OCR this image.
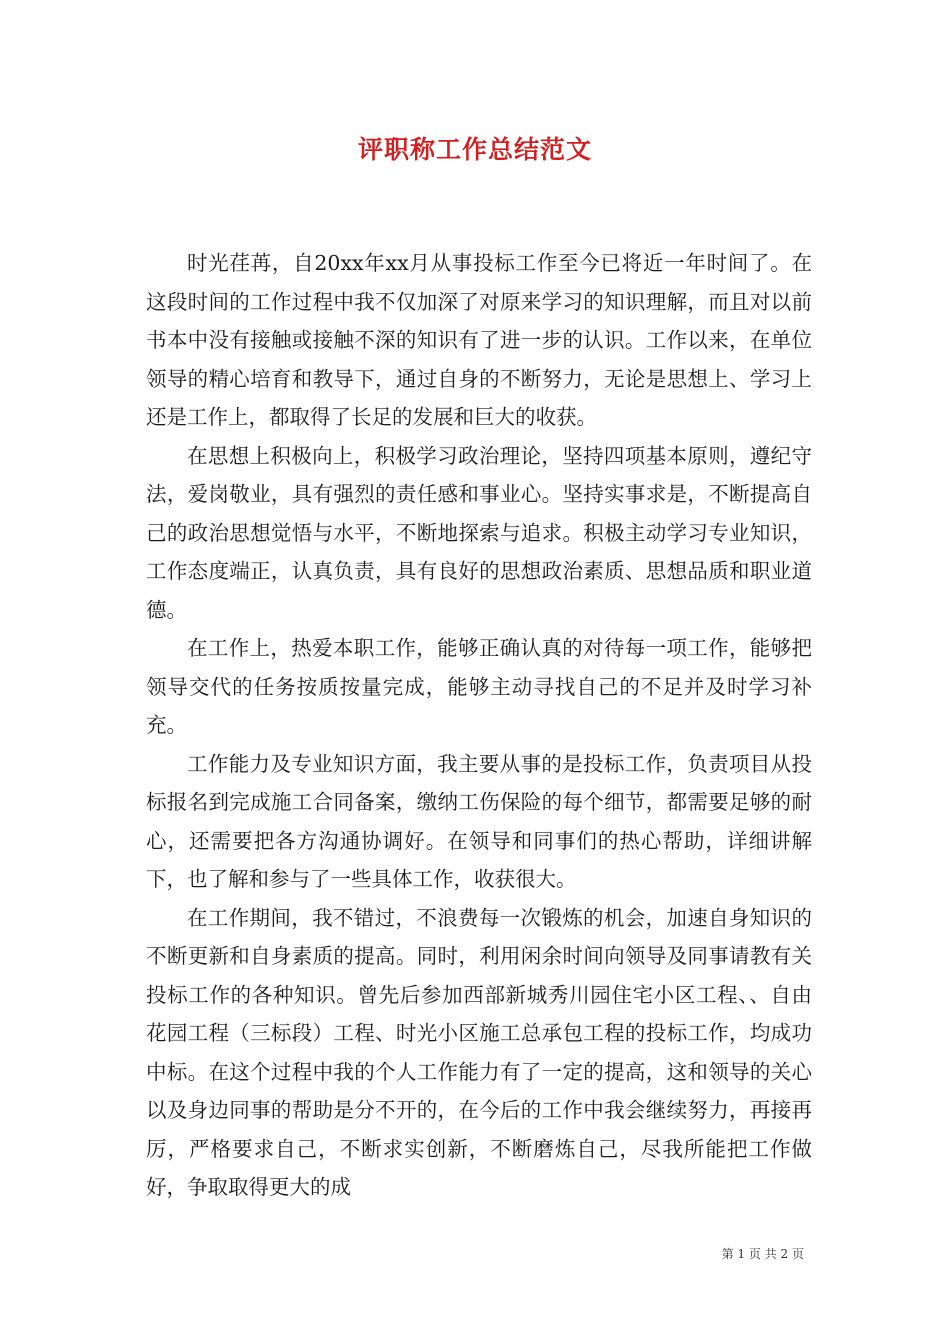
评职称工作总结范文

时光荏苒，自20xx年xx月从事投标工作至今已将近一年时间了。在这段时间的工作过程中我不仅加深了对原来学习的知识理解，而且对以前书本中没有接触或接触不深的知识有了进一步的认识。工作以来，在单位领导的精心培育和教导下，通过自身的不断努力，无论是思想上、学习上还是工作上，都取得了长足的发展和巨大的收获。

在思想上积极向上，积极学习政治理论，坚持四项基本原则，遵纪守法，爱岗敬业，具有强烈的责任感和事业心。坚持实事求是，不断提高自己的政治思想觉悟与水平，不断地探索与追求。积极主动学习专业知识，工作态度端正，认真负责，具有良好的思想政治素质、思想品质和职业道德。

在工作上，热爱本职工作，能够正确认真的对待每一项工作，能够把领导交代的任务按质按量完成，能够主动寻找自己的不足并及时学习补充。

工作能力及专业知识方面，我主要从事的是投标工作，负责项目从投标报名到完成施工合同备案，缴纳工伤保险的每个细节，都需要足够的耐心，还需要把各方沟通协调好。在领导和同事们的热心帮助，详细讲解下，也了解和参与了一些具体工作，收获很大。

在工作期间，我不错过，不浪费每一次锻炼的机会，加速自身知识的不断更新和自身素质的提高。同时，利用闲余时间向领导及同事请教有关投标工作的各种知识。曾先后参加西部新城秀川园住宅小区工程、、自由花园工程（三标段）工程、时光小区施工总承包工程的投标工作，均成功中标。在这个过程中我的个人工作能力有了一定的提高，这和领导的关心以及身边同事的帮助是分不开的，在今后的工作中我会继续努力，再接再厉，严格要求自己，不断求实创新，不断磨炼自己，尽我所能把工作做好，争取取得更大的成

第 1 页 共 2 页
